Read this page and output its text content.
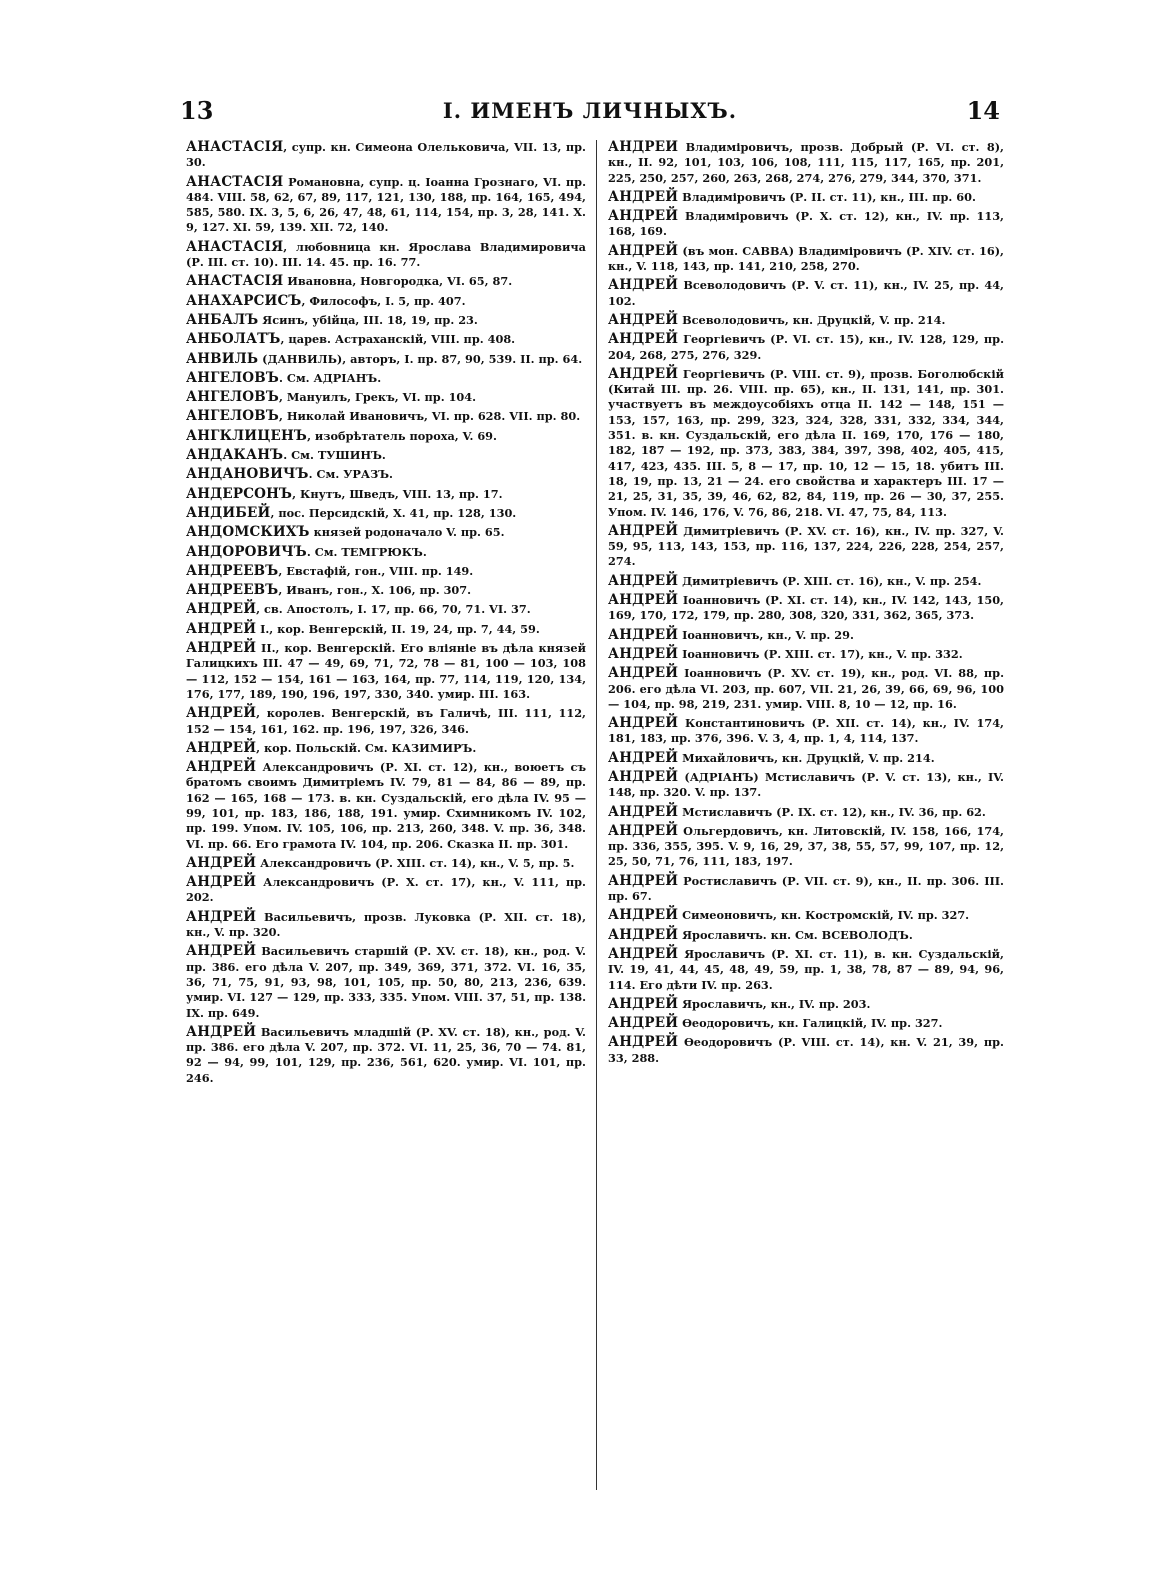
13	I. ИМЕНЪ ЛИЧНЫХЪ.	14

АНАСТАСІЯ, супр. кн. Симеона Олельковича, VII. 13, пр. 30.

АНАСТАСІЯ Романовна, супр. ц. Іоанна Грознаго, VI. пр. 484. VIII. 58, 62, 67, 89, 117, 121, 130, 188, пр. 164, 165, 494, 585, 580. IX. 3, 5, 6, 26, 47, 48, 61, 114, 154, пр. 3, 28, 141. X. 9, 127. XI. 59, 139. XII. 72, 140.

АНАСТАСІЯ, любовница кн. Ярослава Владимировича (Р. III. ст. 10). III. 14. 45. пр. 16. 77.

АНАСТАСІЯ Ивановна, Новгородка, VI. 65, 87.

АНАХАРСИСЪ, Философъ, I. 5, пр. 407.

АНБАЛЪ Ясинъ, убійца, III. 18, 19, пр. 23.

АНБОЛАТЪ, царев. Астраханскій, VIII. пр. 408.

АНВИЛЬ (ДАНВИЛЬ), авторъ, I. пр. 87, 90, 539. II. пр. 64.

АНГЕЛОВЪ. См. АДРІАНЪ.

АНГЕЛОВЪ, Мануилъ, Грекъ, VI. пр. 104.

АНГЕЛОВЪ, Николай Ивановичъ, VI. пр. 628. VII. пр. 80.

АНГКЛИЦЕНЪ, изобрѣтатель пороха, V. 69.

АНДАКАНЪ. См. ТУШИНЪ.

АНДАНОВИЧЪ. См. УРАЗЪ.

АНДЕРСОНЪ, Кнутъ, Шведъ, VIII. 13, пр. 17.

АНДИБЕЙ, пос. Персидскій, X. 41, пр. 128, 130.

АНДОМСКИХЪ князей родоначало V. пр. 65.

АНДОРОВИЧЪ. См. ТЕМГРЮКЪ.

АНДРЕЕВЪ, Евстафій, гон., VIII. пр. 149.

АНДРЕЕВЪ, Иванъ, гон., X. 106, пр. 307.

АНДРЕЙ, св. Апостолъ, I. 17, пр. 66, 70, 71. VI. 37.

АНДРЕЙ I., кор. Венгерскій, II. 19, 24, пр. 7, 44, 59.

АНДРЕЙ II., кор. Венгерскій. Его вліяніе въ дѣла князей Галицкихъ III. 47 — 49, 69, 71, 72, 78 — 81, 100 — 103, 108 — 112, 152 — 154, 161 — 163, 164, пр. 77, 114, 119, 120, 134, 176, 177, 189, 190, 196, 197, 330, 340. умир. III. 163.

АНДРЕЙ, королев. Венгерскій, въ Галичѣ, III. 111, 112, 152 — 154, 161, 162. пр. 196, 197, 326, 346.

АНДРЕЙ, кор. Польскій. См. КАЗИМИРЪ.

АНДРЕЙ Александровичъ (Р. XI. ст. 12), кн., воюетъ съ братомъ своимъ Димитріемъ IV. 79, 81 — 84, 86 — 89, пр. 162 — 165, 168 — 173. в. кн. Суздальскій, его дѣла IV. 95 — 99, 101, пр. 183, 186, 188, 191. умир. Схимникомъ IV. 102, пр. 199. Упом. IV. 105, 106, пр. 213, 260, 348. V. пр. 36, 348. VI. пр. 66. Его грамота IV. 104, пр. 206. Сказка II. пр. 301.

АНДРЕЙ Александровичъ (Р. XIII. ст. 14), кн., V. 5, пр. 5.

АНДРЕЙ Александровичъ (Р. X. ст. 17), кн., V. 111, пр. 202.

АНДРЕЙ Васильевичъ, прозв. Луковка (Р. XII. ст. 18), кн., V. пр. 320.

АНДРЕЙ Васильевичъ старшій (Р. XV. ст. 18), кн., род. V. пр. 386. его дѣла V. 207, пр. 349, 369, 371, 372. VI. 16, 35, 36, 71, 75, 91, 93, 98, 101, 105, пр. 50, 80, 213, 236, 639. умир. VI. 127 — 129, пр. 333, 335. Упом. VIII. 37, 51, пр. 138. IX. пр. 649.

АНДРЕЙ Васильевичъ младшій (Р. XV. ст. 18), кн., род. V. пр. 386. его дѣла V. 207, пр. 372. VI. 11, 25, 36, 70 — 74. 81, 92 — 94, 99, 101, 129, пр. 236, 561, 620. умир. VI. 101, пр. 246.

АНДРЕЙ Владиміровичъ, прозв. Добрый (Р. VI. ст. 8), кн., II. 92, 101, 103, 106, 108, 111, 115, 117, 165, пр. 201, 225, 250, 257, 260, 263, 268, 274, 276, 279, 344, 370, 371.

АНДРЕЙ Владиміровичъ (Р. II. ст. 11), кн., III. пр. 60.

АНДРЕЙ Владиміровичъ (Р. X. ст. 12), кн., IV. пр. 113, 168, 169.

АНДРЕЙ (въ мон. САВВА) Владиміровичъ (Р. XIV. ст. 16), кн., V. 118, 143, пр. 141, 210, 258, 270.

АНДРЕЙ Всеволодовичъ (Р. V. ст. 11), кн., IV. 25, пр. 44, 102.

АНДРЕЙ Всеволодовичъ, кн. Друцкій, V. пр. 214.

АНДРЕЙ Георгіевичъ (Р. VI. ст. 15), кн., IV. 128, 129, пр. 204, 268, 275, 276, 329.

АНДРЕЙ Георгіевичъ (Р. VIII. ст. 9), прозв. Боголюбскій (Китай III. пр. 26. VIII. пр. 65), кн., II. 131, 141, пр. 301. участвуетъ въ междоусобіяхъ отца II. 142 — 148, 151 — 153, 157, 163, пр. 299, 323, 324, 328, 331, 332, 334, 344, 351. в. кн. Суздальскій, его дѣла II. 169, 170, 176 — 180, 182, 187 — 192, пр. 373, 383, 384, 397, 398, 402, 405, 415, 417, 423, 435. III. 5, 8 — 17, пр. 10, 12 — 15, 18. убитъ III. 18, 19, пр. 13, 21 — 24. его свойства и характеръ III. 17 — 21, 25, 31, 35, 39, 46, 62, 82, 84, 119, пр. 26 — 30, 37, 255. Упом. IV. 146, 176, V. 76, 86, 218. VI. 47, 75, 84, 113.

АНДРЕЙ Димитріевичъ (Р. XV. ст. 16), кн., IV. пр. 327, V. 59, 95, 113, 143, 153, пр. 116, 137, 224, 226, 228, 254, 257, 274.

АНДРЕЙ Димитріевичъ (Р. XIII. ст. 16), кн., V. пр. 254.

АНДРЕЙ Іоанновичъ (Р. XI. ст. 14), кн., IV. 142, 143, 150, 169, 170, 172, 179, пр. 280, 308, 320, 331, 362, 365, 373.

АНДРЕЙ Іоанновичъ, кн., V. пр. 29.

АНДРЕЙ Іоанновичъ (Р. XIII. ст. 17), кн., V. пр. 332.

АНДРЕЙ Іоанновичъ (Р. XV. ст. 19), кн., род. VI. 88, пр. 206. его дѣла VI. 203, пр. 607, VII. 21, 26, 39, 66, 69, 96, 100 — 104, пр. 98, 219, 231. умир. VIII. 8, 10 — 12, пр. 16.

АНДРЕЙ Константиновичъ (Р. XII. ст. 14), кн., IV. 174, 181, 183, пр. 376, 396. V. 3, 4, пр. 1, 4, 114, 137.

АНДРЕЙ Михайловичъ, кн. Друцкій, V. пр. 214.

АНДРЕЙ (АДРІАНЪ) Мстиславичъ (Р. V. ст. 13), кн., IV. 148, пр. 320. V. пр. 137.

АНДРЕЙ Мстиславичъ (Р. IX. ст. 12), кн., IV. 36, пр. 62.

АНДРЕЙ Ольгердовичъ, кн. Литовскій, IV. 158, 166, 174, пр. 336, 355, 395. V. 9, 16, 29, 37, 38, 55, 57, 99, 107, пр. 12, 25, 50, 71, 76, 111, 183, 197.

АНДРЕЙ Ростиславичъ (Р. VII. ст. 9), кн., II. пр. 306. III. пр. 67.

АНДРЕЙ Симеоновичъ, кн. Костромскій, IV. пр. 327.

АНДРЕЙ Ярославичъ. кн. См. ВСЕВОЛОДЪ.

АНДРЕЙ Ярославичъ (Р. XI. ст. 11), в. кн. Суздальскій, IV. 19, 41, 44, 45, 48, 49, 59, пр. 1, 38, 78, 87 — 89, 94, 96, 114. Его дѣти IV. пр. 263.

АНДРЕЙ Ярославичъ, кн., IV. пр. 203.

АНДРЕЙ Ѳеодоровичъ, кн. Галицкій, IV. пр. 327.

АНДРЕЙ Ѳеодоровичъ (Р. VIII. ст. 14), кн. V. 21, 39, пр. 33, 288.
